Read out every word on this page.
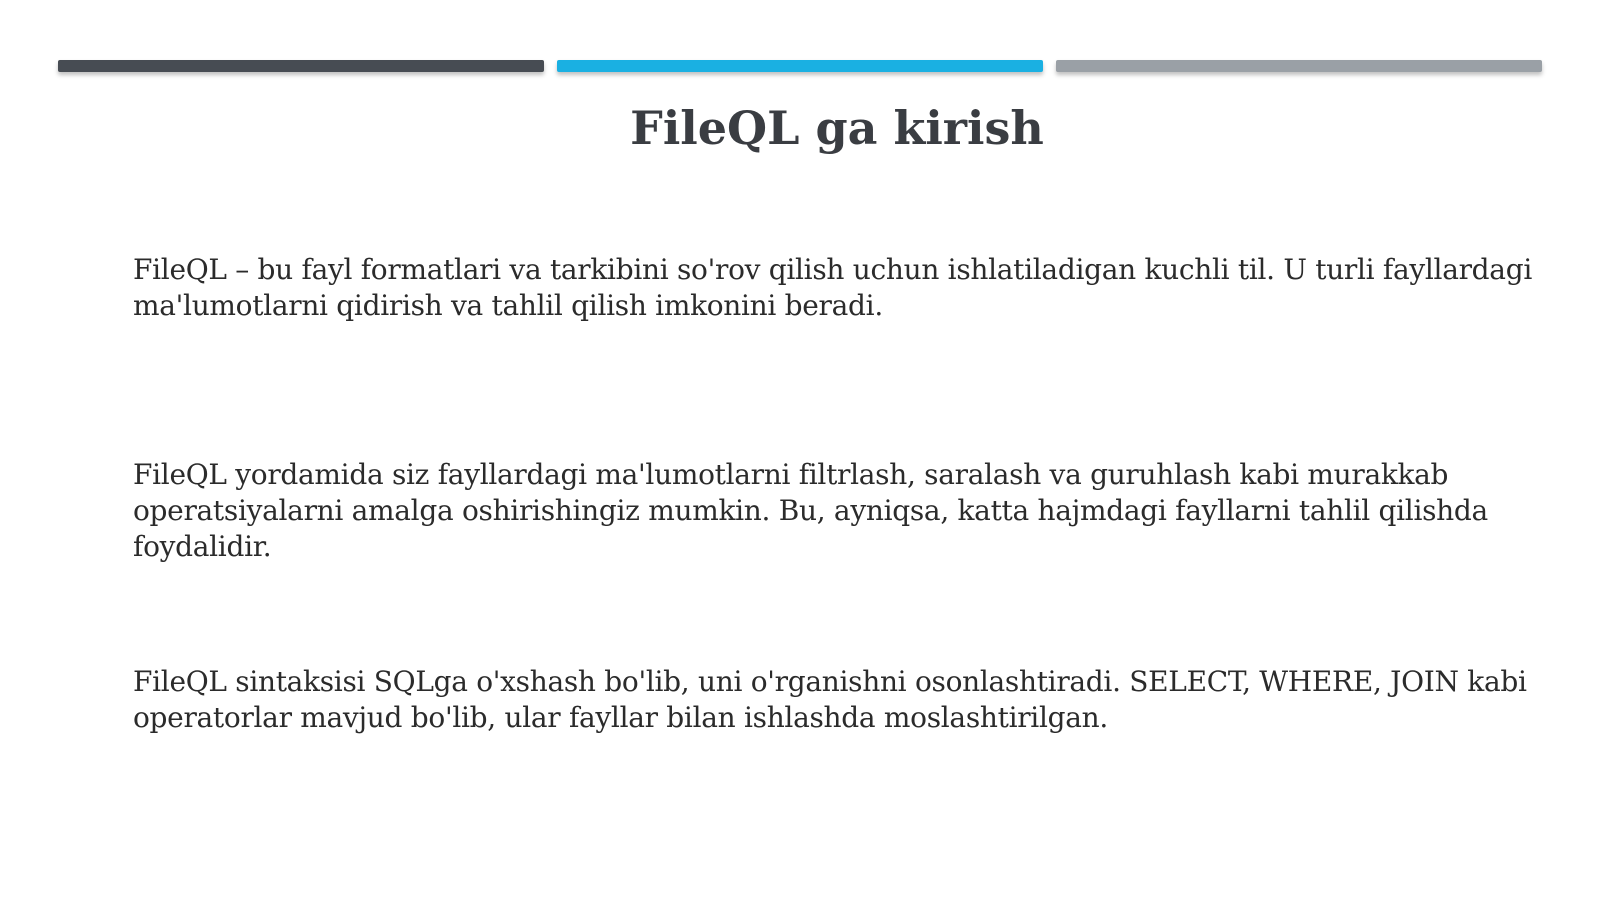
FileQL ga kirish

FileQL – bu fayl formatlari va tarkibini so'rov qilish uchun ishlatiladigan kuchli til. U turli fayllardagi ma'lumotlarni qidirish va tahlil qilish imkonini beradi.

FileQL yordamida siz fayllardagi ma'lumotlarni filtrlash, saralash va guruhlash kabi murakkab operatsiyalarni amalga oshirishingiz mumkin. Bu, ayniqsa, katta hajmdagi fayllarni tahlil qilishda foydalidir.

FileQL sintaksisi SQLga o'xshash bo'lib, uni o'rganishni osonlashtiradi. SELECT, WHERE, JOIN kabi operatorlar mavjud bo'lib, ular fayllar bilan ishlashda moslashtirilgan.
